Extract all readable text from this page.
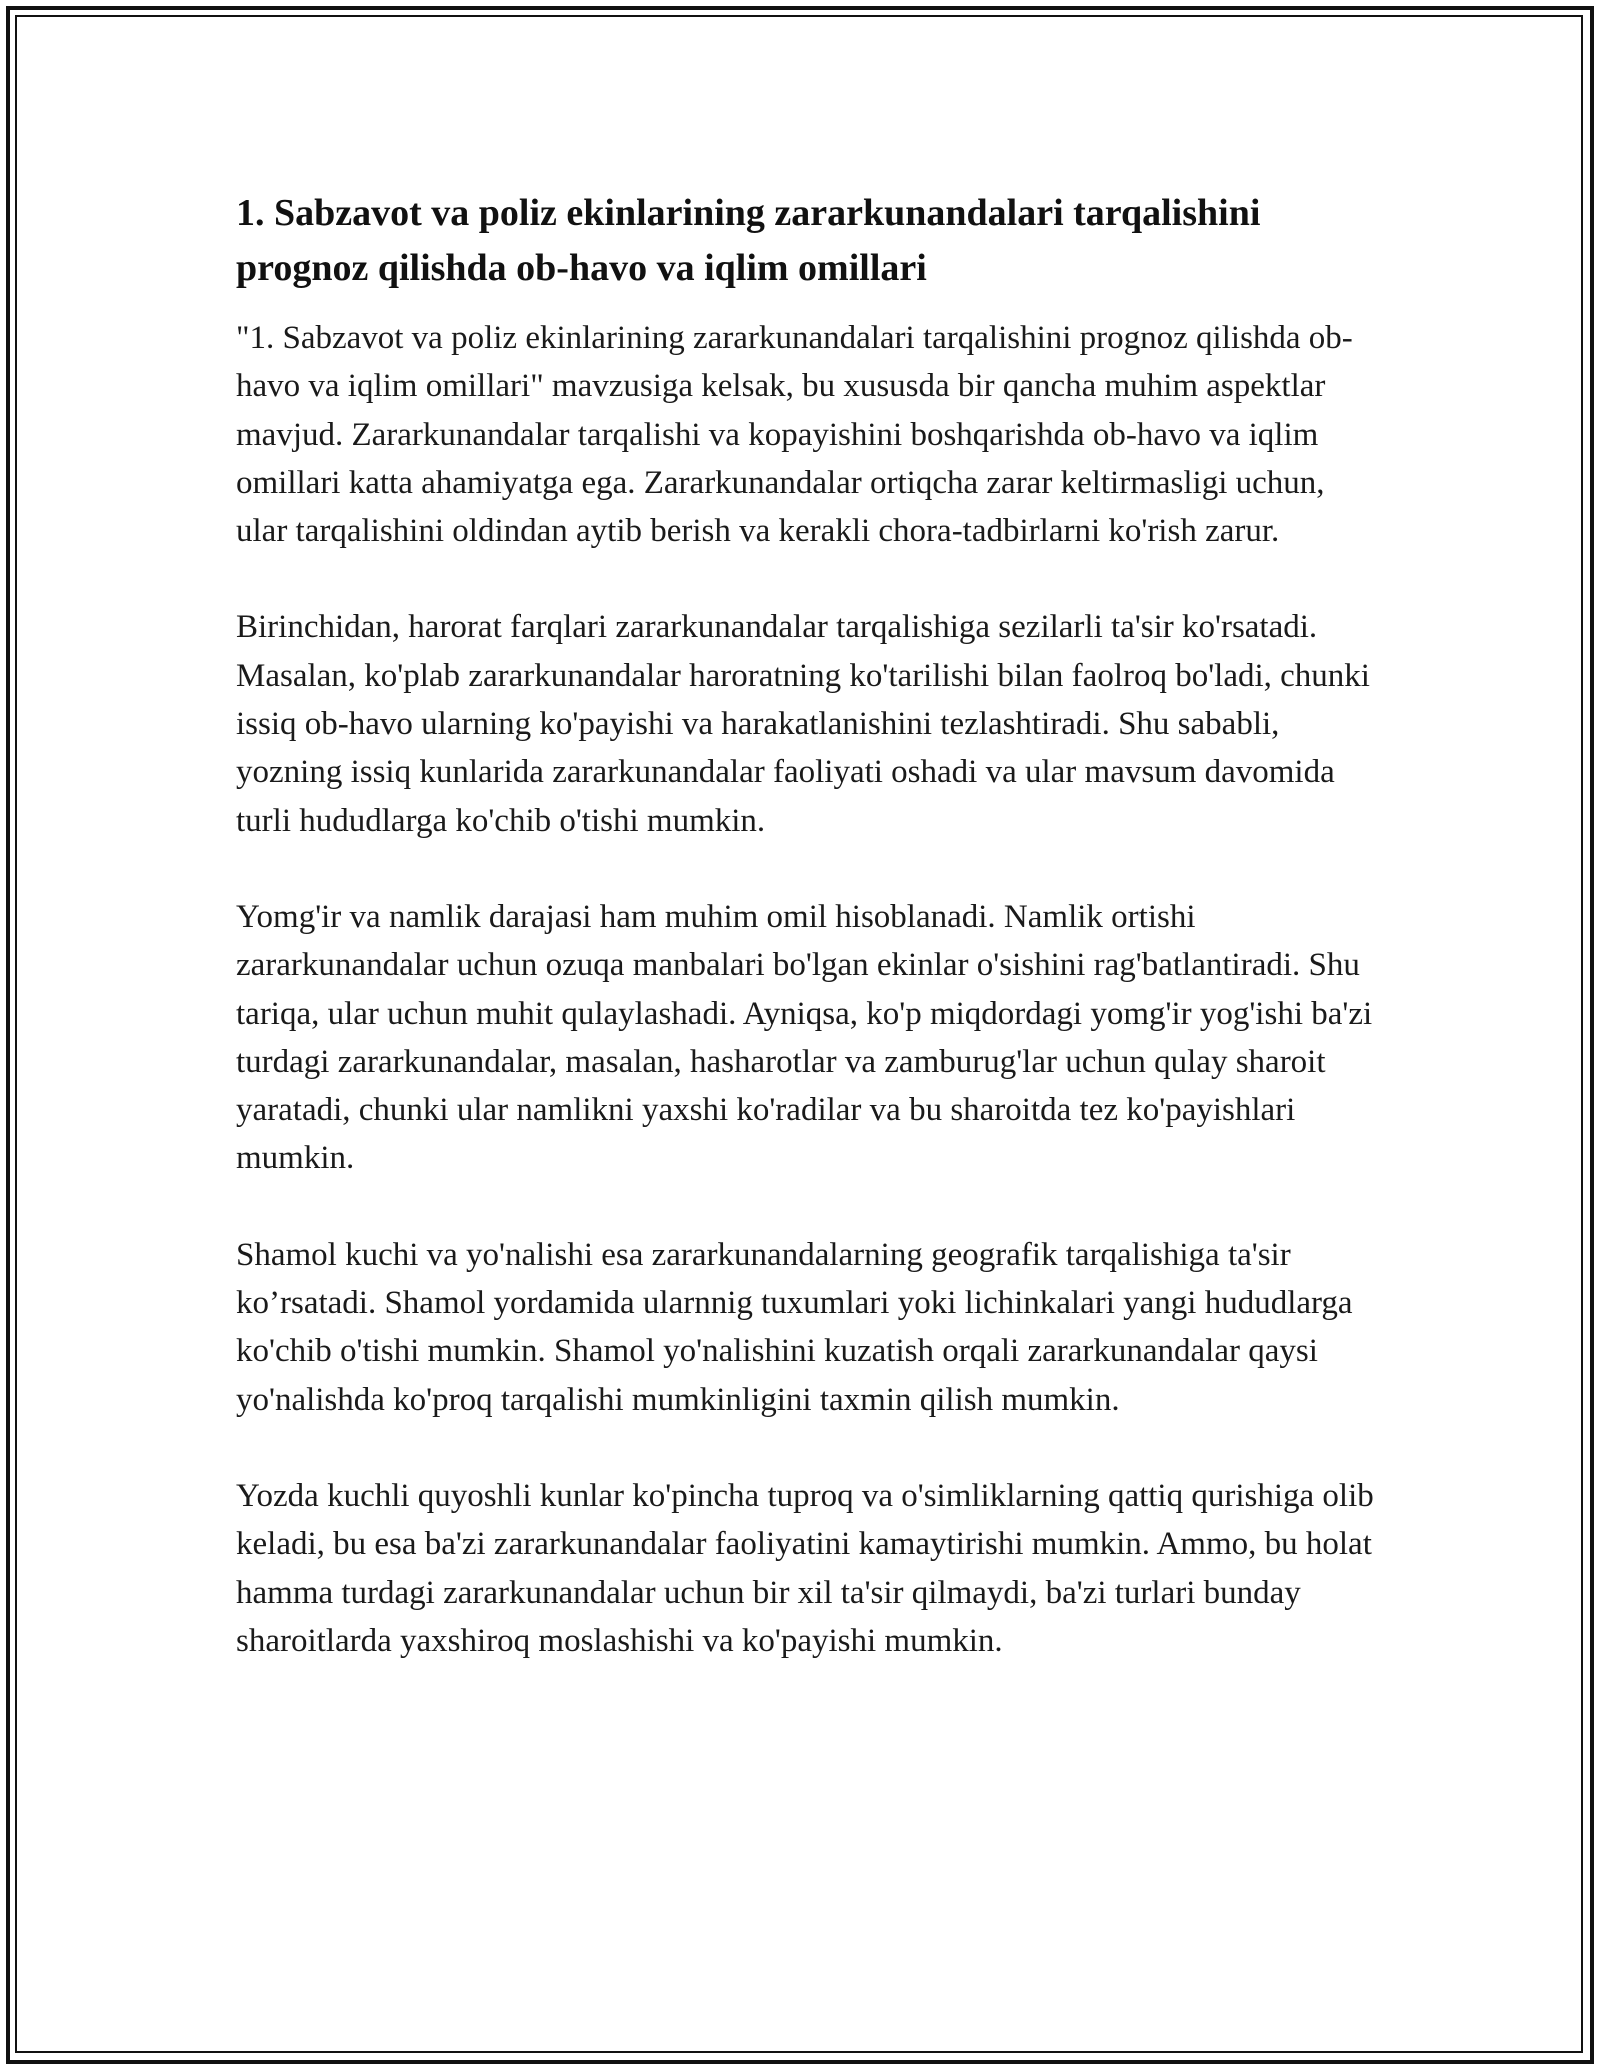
1. Sabzavot va poliz ekinlarining zararkunandalari tarqalishini prognoz qilishda ob-havo va iqlim omillari

"1. Sabzavot va poliz ekinlarining zararkunandalari tarqalishini prognoz qilishda ob-havo va iqlim omillari" mavzusiga kelsak, bu xususda bir qancha muhim aspektlar mavjud. Zararkunandalar tarqalishi va kopayishini boshqarishda ob-havo va iqlim omillari katta ahamiyatga ega. Zararkunandalar ortiqcha zarar keltirmasligi uchun, ular tarqalishini oldindan aytib berish va kerakli chora-tadbirlarni ko'rish zarur.

Birinchidan, harorat farqlari zararkunandalar tarqalishiga sezilarli ta'sir ko'rsatadi. Masalan, ko'plab zararkunandalar haroratning ko'tarilishi bilan faolroq bo'ladi, chunki issiq ob-havo ularning ko'payishi va harakatlanishini tezlashtiradi. Shu sababli, yozning issiq kunlarida zararkunandalar faoliyati oshadi va ular mavsum davomida turli hududlarga ko'chib o'tishi mumkin.

Yomg'ir va namlik darajasi ham muhim omil hisoblanadi. Namlik ortishi zararkunandalar uchun ozuqa manbalari bo'lgan ekinlar o'sishini rag'batlantiradi. Shu tariqa, ular uchun muhit qulaylashadi. Ayniqsa, ko'p miqdordagi yomg'ir yog'ishi ba'zi turdagi zararkunandalar, masalan, hasharotlar va zamburug'lar uchun qulay sharoit yaratadi, chunki ular namlikni yaxshi ko'radilar va bu sharoitda tez ko'payishlari mumkin.

Shamol kuchi va yo'nalishi esa zararkunandalarning geografik tarqalishiga ta'sir ko’rsatadi. Shamol yordamida ularnnig tuxumlari yoki lichinkalari yangi hududlarga ko'chib o'tishi mumkin. Shamol yo'nalishini kuzatish orqali zararkunandalar qaysi yo'nalishda ko'proq tarqalishi mumkinligini taxmin qilish mumkin.

Yozda kuchli quyoshli kunlar ko'pincha tuproq va o'simliklarning qattiq qurishiga olib keladi, bu esa ba'zi zararkunandalar faoliyatini kamaytirishi mumkin. Ammo, bu holat hamma turdagi zararkunandalar uchun bir xil ta'sir qilmaydi, ba'zi turlari bunday sharoitlarda yaxshiroq moslashishi va ko'payishi mumkin.
